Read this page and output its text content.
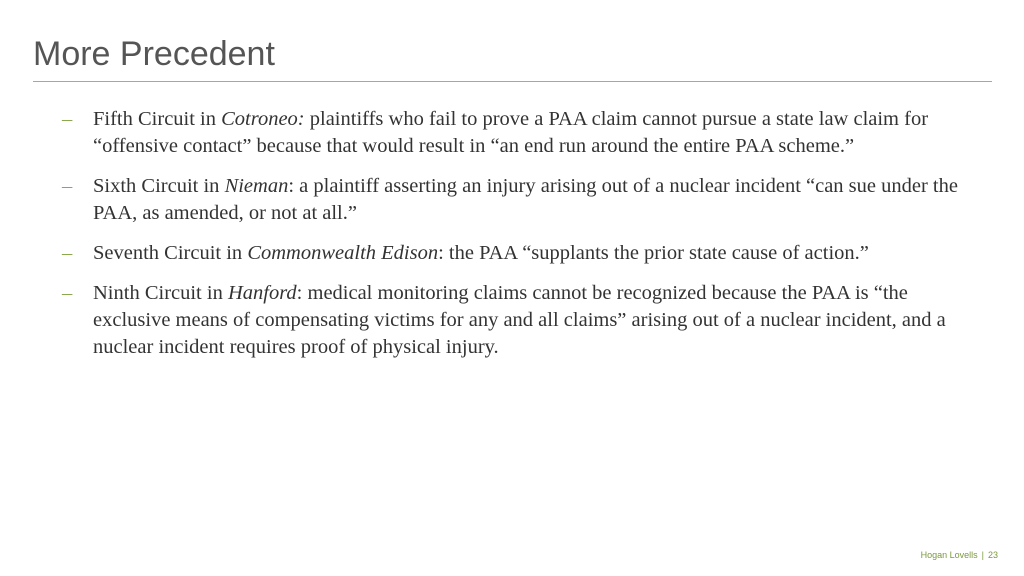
More Precedent
– Fifth Circuit in Cotroneo: plaintiffs who fail to prove a PAA claim cannot pursue a state law claim for “offensive contact” because that would result in “an end run around the entire PAA scheme.”
– Sixth Circuit in Nieman: a plaintiff asserting an injury arising out of a nuclear incident “can sue under the PAA, as amended, or not at all.”
– Seventh Circuit in Commonwealth Edison: the PAA “supplants the prior state cause of action.”
– Ninth Circuit in Hanford: medical monitoring claims cannot be recognized because the PAA is “the exclusive means of compensating victims for any and all claims” arising out of a nuclear incident, and a nuclear incident requires proof of physical injury.
Hogan Lovells | 23
